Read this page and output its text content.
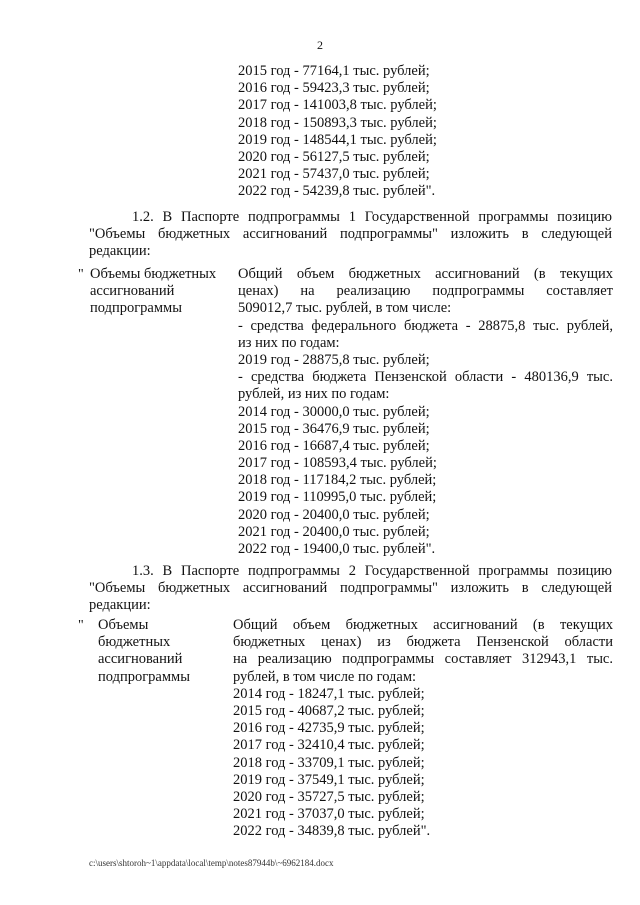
2
2015 год - 77164,1 тыс. рублей;
2016 год - 59423,3 тыс. рублей;
2017 год - 141003,8 тыс. рублей;
2018 год - 150893,3 тыс. рублей;
2019 год - 148544,1 тыс. рублей;
2020 год - 56127,5 тыс. рублей;
2021 год - 57437,0 тыс. рублей;
2022 год - 54239,8 тыс. рублей".
1.2. В Паспорте подпрограммы 1 Государственной программы позицию
"Объемы бюджетных ассигнований подпрограммы" изложить в следующей
редакции:
" Объемы бюджетных
ассигнований
подпрограммы
Общий объем бюджетных ассигнований (в текущих
ценах) на реализацию подпрограммы составляет
509012,7 тыс. рублей, в том числе:
- средства федерального бюджета - 28875,8 тыс. рублей,
из них по годам:
2019 год - 28875,8 тыс. рублей;
- средства бюджета Пензенской области - 480136,9 тыс.
рублей, из них по годам:
2014 год - 30000,0 тыс. рублей;
2015 год - 36476,9 тыс. рублей;
2016 год - 16687,4 тыс. рублей;
2017 год - 108593,4 тыс. рублей;
2018 год - 117184,2 тыс. рублей;
2019 год - 110995,0 тыс. рублей;
2020 год - 20400,0 тыс. рублей;
2021 год - 20400,0 тыс. рублей;
2022 год - 19400,0 тыс. рублей".
1.3. В Паспорте подпрограммы 2 Государственной программы позицию
"Объемы бюджетных ассигнований подпрограммы" изложить в следующей
редакции:
" Объемы
бюджетных
ассигнований
подпрограммы
Общий объем бюджетных ассигнований (в текущих
бюджетных ценах) из бюджета Пензенской области
на реализацию подпрограммы составляет 312943,1 тыс.
рублей, в том числе по годам:
2014 год - 18247,1 тыс. рублей;
2015 год - 40687,2 тыс. рублей;
2016 год - 42735,9 тыс. рублей;
2017 год - 32410,4 тыс. рублей;
2018 год - 33709,1 тыс. рублей;
2019 год - 37549,1 тыс. рублей;
2020 год - 35727,5 тыс. рублей;
2021 год - 37037,0 тыс. рублей;
2022 год - 34839,8 тыс. рублей".
c:\users\shtoroh~1\appdata\local\temp\notes87944b\~6962184.docx
